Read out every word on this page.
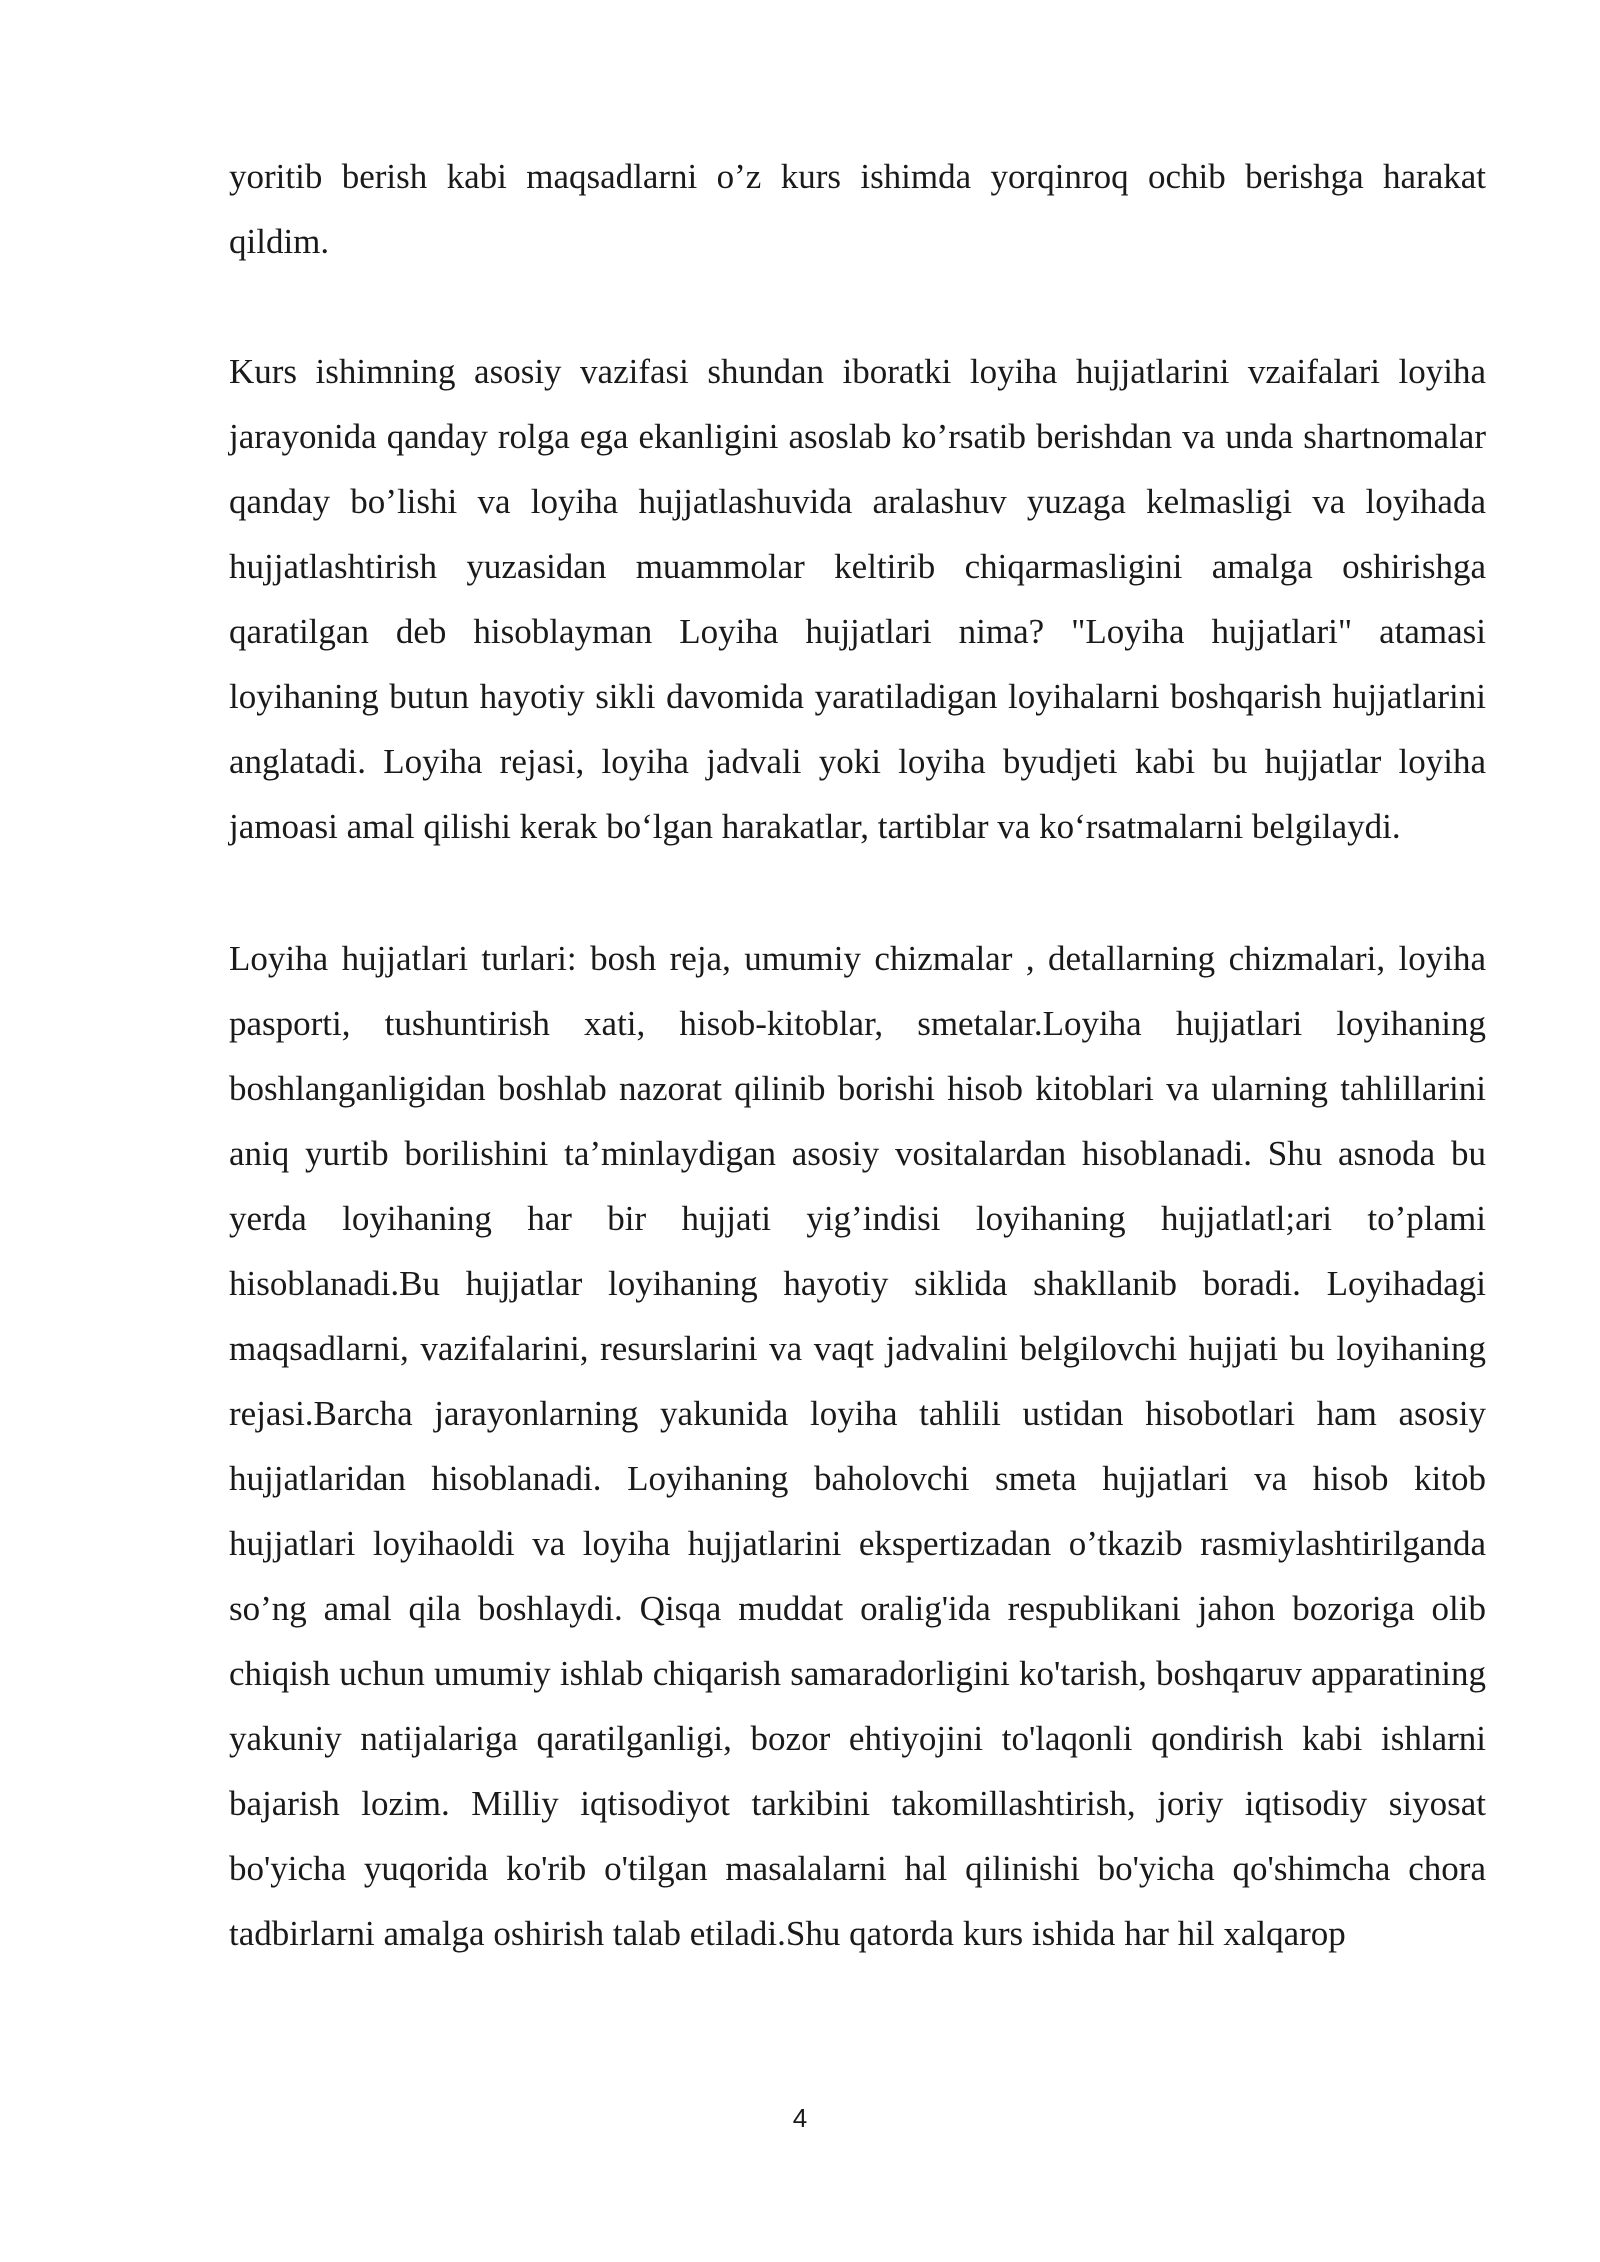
yoritib berish kabi maqsadlarni o’z kurs ishimda yorqinroq ochib berishga harakat qildim.

Kurs ishimning asosiy vazifasi shundan iboratki loyiha hujjatlarini vzaifalari loyiha jarayonida qanday rolga ega ekanligini asoslab ko’rsatib berishdan va unda shartnomalar qanday bo’lishi va loyiha hujjatlashuvida aralashuv yuzaga kelmasligi va loyihada hujjatlashtirish yuzasidan muammolar keltirib chiqarmasligini amalga oshirishga qaratilgan deb hisoblayman Loyiha hujjatlari nima? "Loyiha hujjatlari" atamasi loyihaning butun hayotiy sikli davomida yaratiladigan loyihalarni boshqarish hujjatlarini anglatadi. Loyiha rejasi, loyiha jadvali yoki loyiha byudjeti kabi bu hujjatlar loyiha jamoasi amal qilishi kerak bo‘lgan harakatlar, tartiblar va ko‘rsatmalarni belgilaydi.

Loyiha hujjatlari turlari: bosh reja, umumiy chizmalar , detallarning chizmalari, loyiha pasporti, tushuntirish xati, hisob-kitoblar, smetalar.Loyiha hujjatlari loyihaning boshlanganligidan boshlab nazorat qilinib borishi hisob kitoblari va ularning tahlillarini aniq yurtib borilishini ta’minlaydigan asosiy vositalardan hisoblanadi. Shu asnoda bu yerda loyihaning har bir hujjati yig’indisi loyihaning hujjatlatl;ari to’plami hisoblanadi.Bu hujjatlar loyihaning hayotiy siklida shakllanib boradi. Loyihadagi maqsadlarni, vazifalarini, resurslarini va vaqt jadvalini belgilovchi hujjati bu loyihaning rejasi.Barcha jarayonlarning yakunida loyiha tahlili ustidan hisobotlari ham asosiy hujjatlaridan hisoblanadi. Loyihaning baholovchi smeta hujjatlari va hisob kitob hujjatlari loyihaoldi va loyiha hujjatlarini ekspertizadan o’tkazib rasmiylashtirilganda so’ng amal qila boshlaydi. Qisqa muddat oralig'ida respublikani jahon bozoriga olib chiqish uchun umumiy ishlab chiqarish samaradorligini ko'tarish, boshqaruv apparatining yakuniy natijalariga qaratilganligi, bozor ehtiyojini to'laqonli qondirish kabi ishlarni bajarish lozim. Milliy iqtisodiyot tarkibini takomillashtirish, joriy iqtisodiy siyosat bo'yicha yuqorida ko'rib o'tilgan masalalarni hal qilinishi bo'yicha qo'shimcha chora tadbirlarni amalga oshirish talab etiladi.Shu qatorda kurs ishida har hil xalqarop

4
